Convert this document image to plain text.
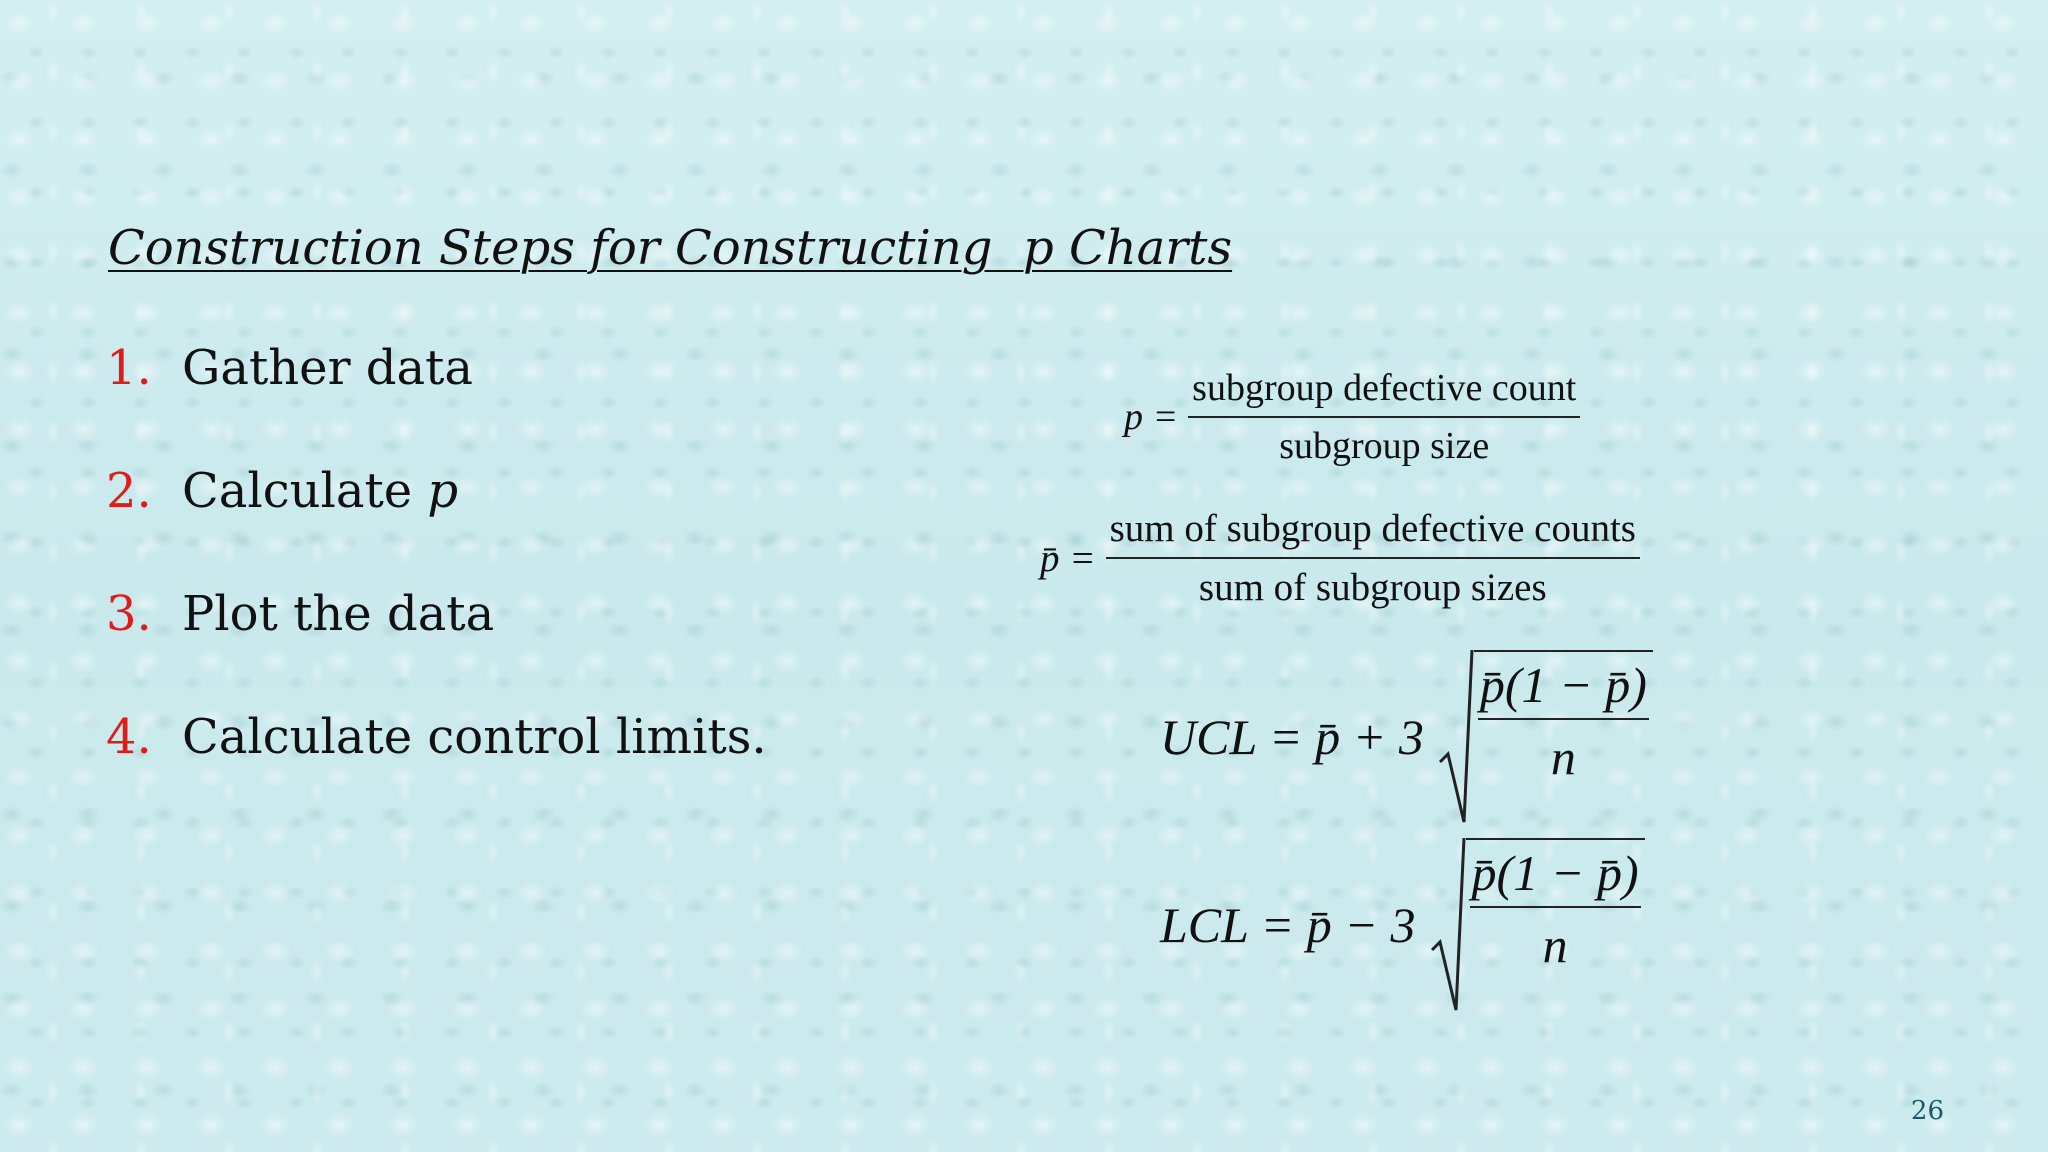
Construction Steps for Constructing  p Charts
1. Gather data
2. Calculate p
3. Plot the data
4. Calculate control limits.
$p = \frac{\text{subgroup defective count}}{\text{subgroup size}}$
p̄ = $\frac{\text{sum of subgroup defective counts}}{\text{sum of subgroup sizes}}$
UCL = p̄ + $3 \frac{p̄(1 - p̄)}{n}$
LCL = p̄ − $3 \frac{p̄(1 - p̄)}{n}$
26
